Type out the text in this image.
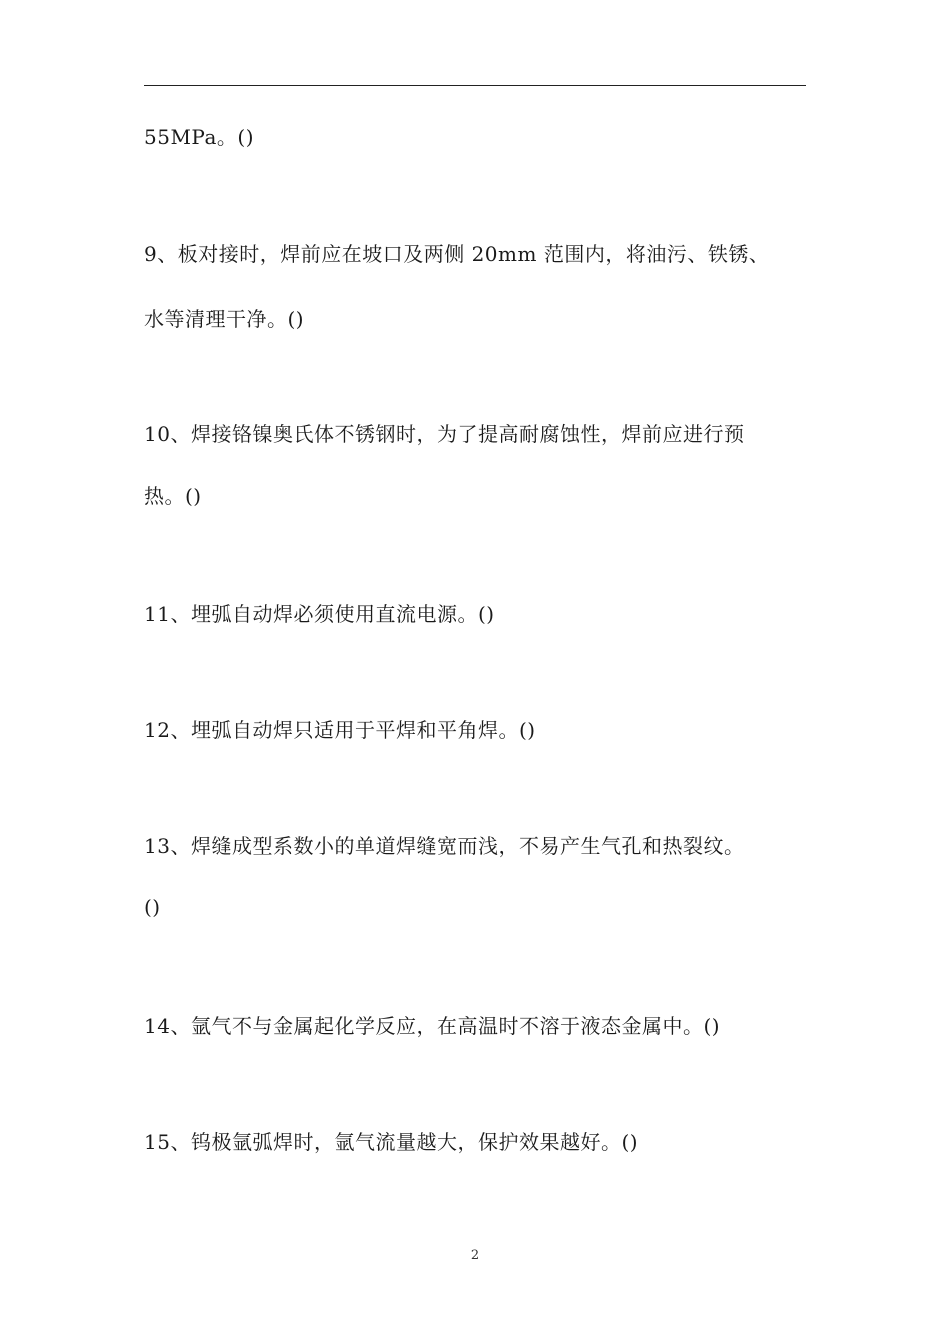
55MPa。()
9、板对接时，焊前应在坡口及两侧 20mm 范围内，将油污、铁锈、
水等清理干净。()
10、焊接铬镍奥氏体不锈钢时，为了提高耐腐蚀性，焊前应进行预
热。()
11、埋弧自动焊必须使用直流电源。()
12、埋弧自动焊只适用于平焊和平角焊。()
13、焊缝成型系数小的单道焊缝宽而浅，不易产生气孔和热裂纹。
()
14、氩气不与金属起化学反应，在高温时不溶于液态金属中。()
15、钨极氩弧焊时，氩气流量越大，保护效果越好。()
2
